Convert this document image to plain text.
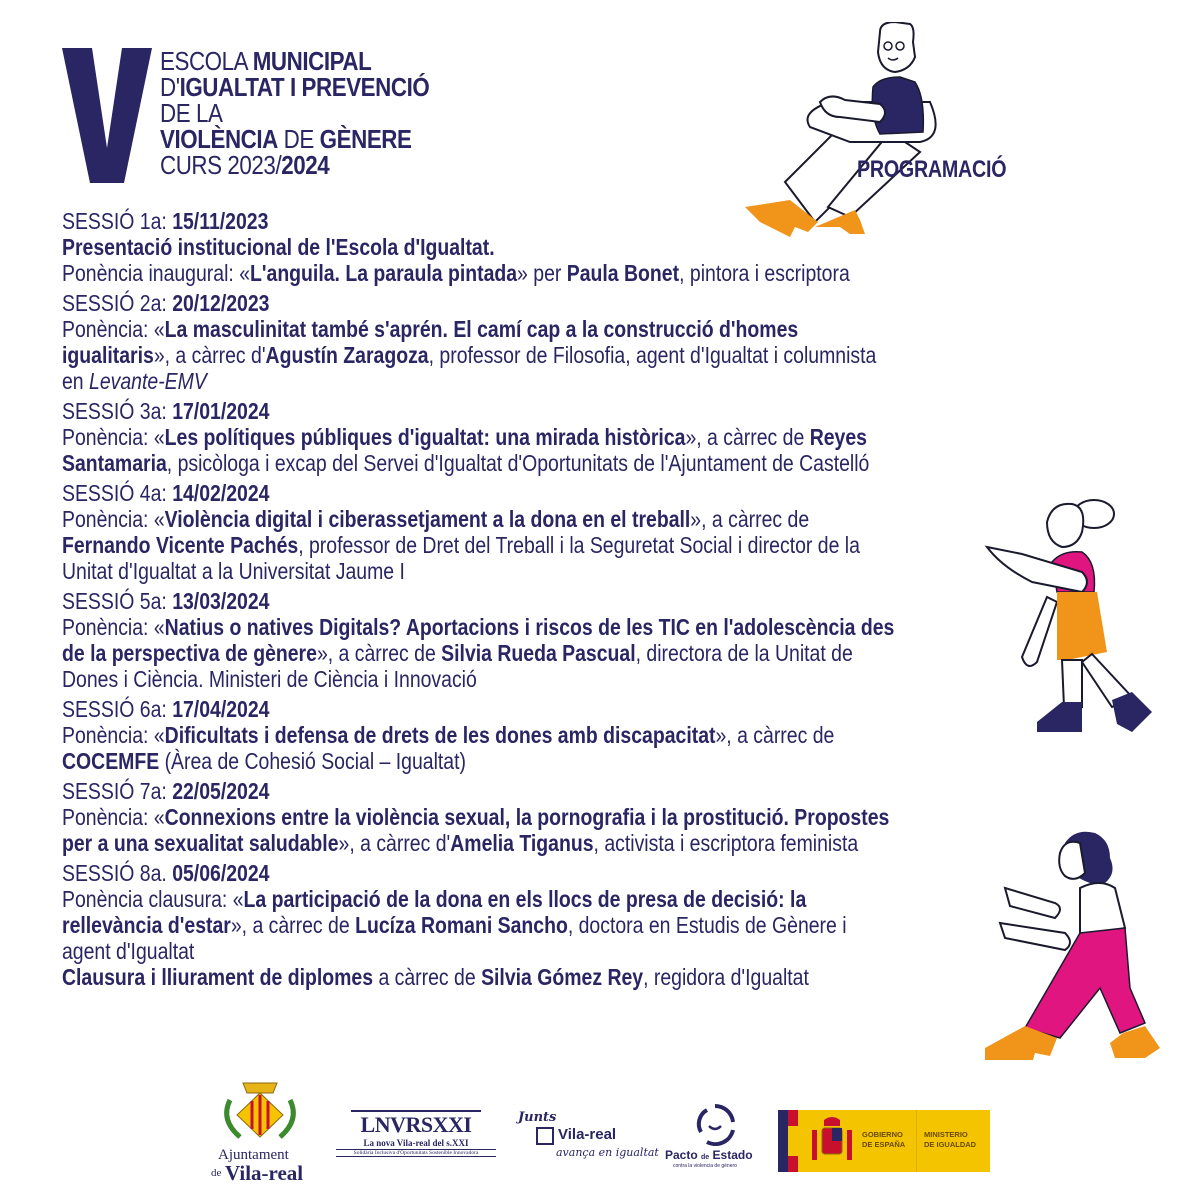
ESCOLA MUNICIPAL
D'IGUALTAT I PREVENCIÓ
DE LA
VIOLÈNCIA DE GÈNERE
CURS 2023/2024	PROGRAMACIÓ
SESSIÓ 1a: 15/11/2023
Presentació institucional de l'Escola d'Igualtat.
Ponència inaugural: «L'anguila. La paraula pintada» per Paula Bonet, pintora i escriptora
SESSIÓ 2a: 20/12/2023
Ponència: «La masculinitat també s'aprén. El camí cap a la construcció d'homes
igualitaris», a càrrec d'Agustín Zaragoza, professor de Filosofia, agent d'Igualtat i columnista
en Levante-EMV
SESSIÓ 3a: 17/01/2024
Ponència: «Les polítiques públiques d'igualtat: una mirada històrica», a càrrec de Reyes
Santamaria, psicòloga i excap del Servei d'Igualtat d'Oportunitats de l'Ajuntament de Castelló
SESSIÓ 4a: 14/02/2024
Ponència: «Violència digital i ciberassetjament a la dona en el treball», a càrrec de
Fernando Vicente Pachés, professor de Dret del Treball i la Seguretat Social i director de la
Unitat d'Igualtat a la Universitat Jaume I
SESSIÓ 5a: 13/03/2024
Ponència: «Natius o natives Digitals? Aportacions i riscos de les TIC en l'adolescència des
de la perspectiva de gènere», a càrrec de Silvia Rueda Pascual, directora de la Unitat de
Dones i Ciència. Ministeri de Ciència i Innovació
SESSIÓ 6a: 17/04/2024
Ponència: «Dificultats i defensa de drets de les dones amb discapacitat», a càrrec de
COCEMFE (Àrea de Cohesió Social – Igualtat)
SESSIÓ 7a: 22/05/2024
Ponència: «Connexions entre la violència sexual, la pornografia i la prostitució. Propostes
per a una sexualitat saludable», a càrrec d'Amelia Tiganus, activista i escriptora feminista
SESSIÓ 8a. 05/06/2024
Ponència clausura: «La participació de la dona en els llocs de presa de decisió: la
rellevància d'estar», a càrrec de Lucíza Romani Sancho, doctora en Estudis de Gènere i
agent d'Igualtat
Clausura i lliurament de diplomes a càrrec de Silvia Gómez Rey, regidora d'Igualtat
Ajuntament
de Vila-real
LNVRSXXI
La nova Vila-real del s.XXI
Solidària Inclusiva d'Oportunitats Sostenible Innovadora
Junts
Vila-real
avança en igualtat Pacto de Estado
contra la violencia de género
GOBIERNO
DE ESPAÑA
MINISTERIO
DE IGUALDAD
